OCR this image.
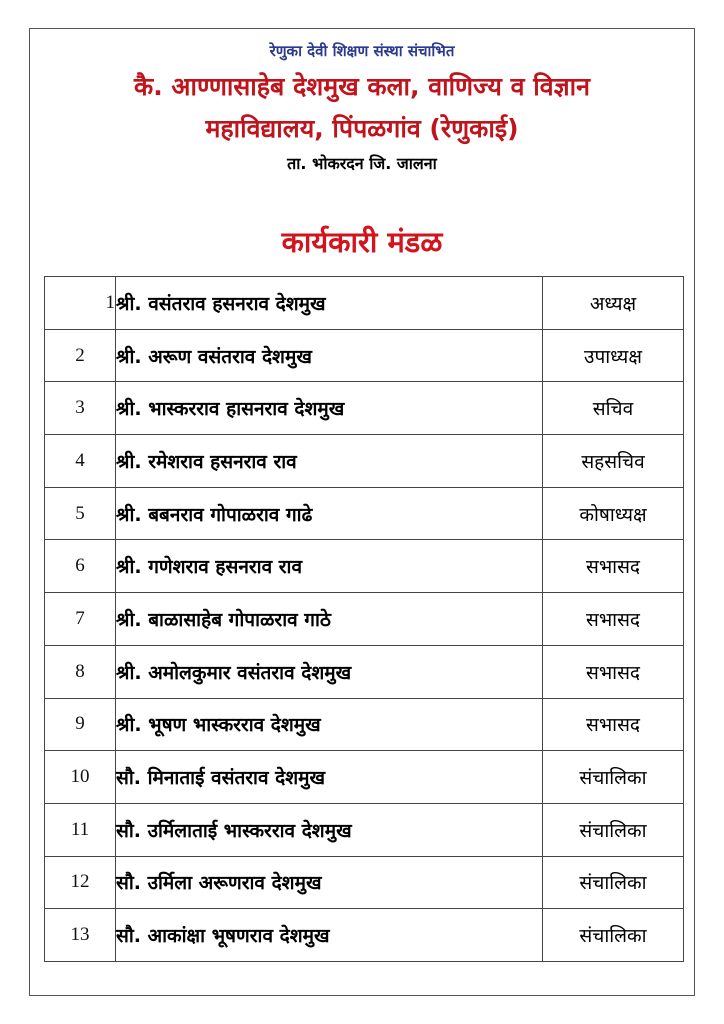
रेणुका देवी शिक्षण संस्था संचाभित
कै. आण्णासाहेब देशमुख कला, वाणिज्य व विज्ञान
महाविद्यालय, पिंपळगांव (रेणुकाई)
ता. भोकरदन जि. जालना
कार्यकारी मंडळ
1	श्री. वसंतराव हसनराव देशमुख	अध्यक्ष
2	श्री. अरूण वसंतराव देशमुख	उपाध्यक्ष
3	श्री. भास्करराव हासनराव देशमुख	सचिव
4	श्री. रमेशराव हसनराव राव	सहसचिव
5	श्री. बबनराव गोपाळराव गाढे	कोषाध्यक्ष
6	श्री. गणेशराव हसनराव राव	सभासद
7	श्री. बाळासाहेब गोपाळराव गाठे	सभासद
8	श्री. अमोलकुमार वसंतराव देशमुख	सभासद
9	श्री. भूषण भास्करराव देशमुख	सभासद
10	सौ. मिनाताई वसंतराव देशमुख	संचालिका
11	सौ. उर्मिलाताई भास्करराव देशमुख	संचालिका
12	सौ. उर्मिला अरूणराव देशमुख	संचालिका
13	सौ. आकांक्षा भूषणराव देशमुख	संचालिका
